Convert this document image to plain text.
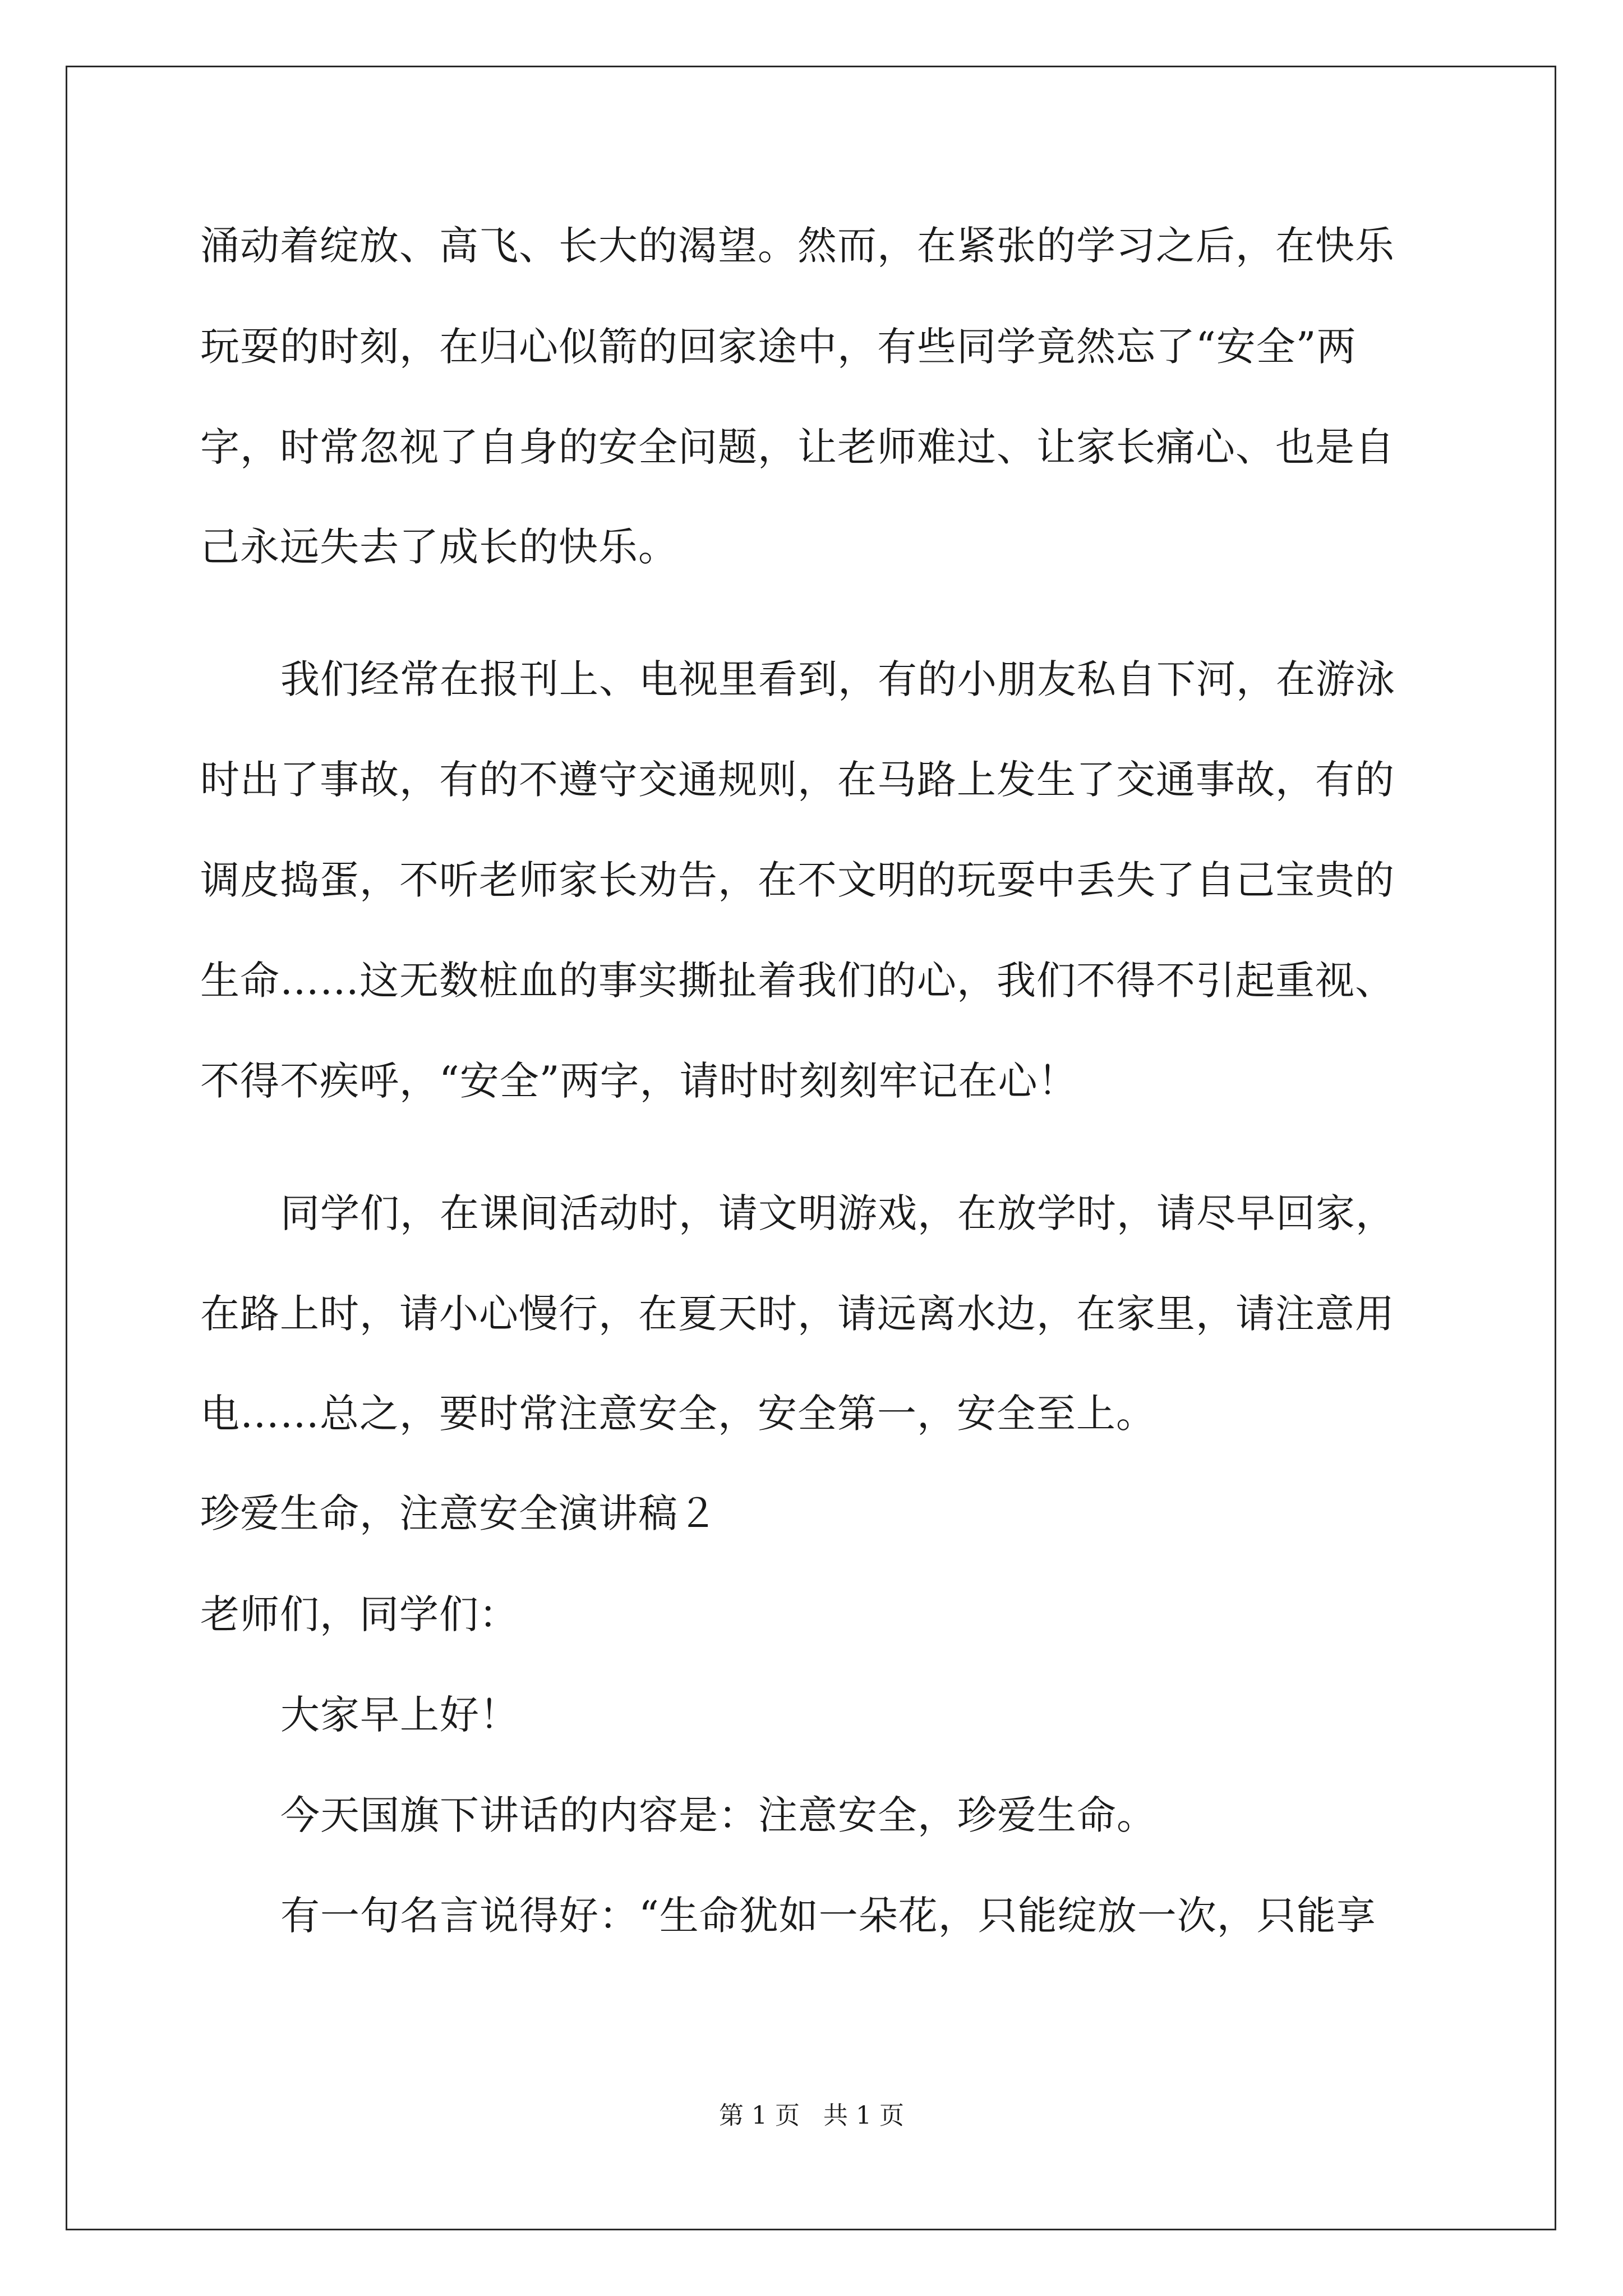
涌动着绽放、高飞、长大的渴望。然而，在紧张的学习之后，在快乐
玩耍的时刻，在归心似箭的回家途中，有些同学竟然忘了“安全”两
字，时常忽视了自身的安全问题，让老师难过、让家长痛心、也是自
己永远失去了成长的快乐。
我们经常在报刊上、电视里看到，有的小朋友私自下河，在游泳
时出了事故，有的不遵守交通规则，在马路上发生了交通事故，有的
调皮捣蛋，不听老师家长劝告，在不文明的玩耍中丢失了自己宝贵的
生命……这无数桩血的事实撕扯着我们的心，我们不得不引起重视、
不得不疾呼，“安全”两字，请时时刻刻牢记在心！
同学们，在课间活动时，请文明游戏，在放学时，请尽早回家，
在路上时，请小心慢行，在夏天时，请远离水边，在家里，请注意用
电……总之，要时常注意安全，安全第一，安全至上。
珍爱生命，注意安全演讲稿２
老师们，同学们：
大家早上好！
今天国旗下讲话的内容是：注意安全，珍爱生命。
有一句名言说得好：“生命犹如一朵花，只能绽放一次，只能享
第 1 页   共 1 页
